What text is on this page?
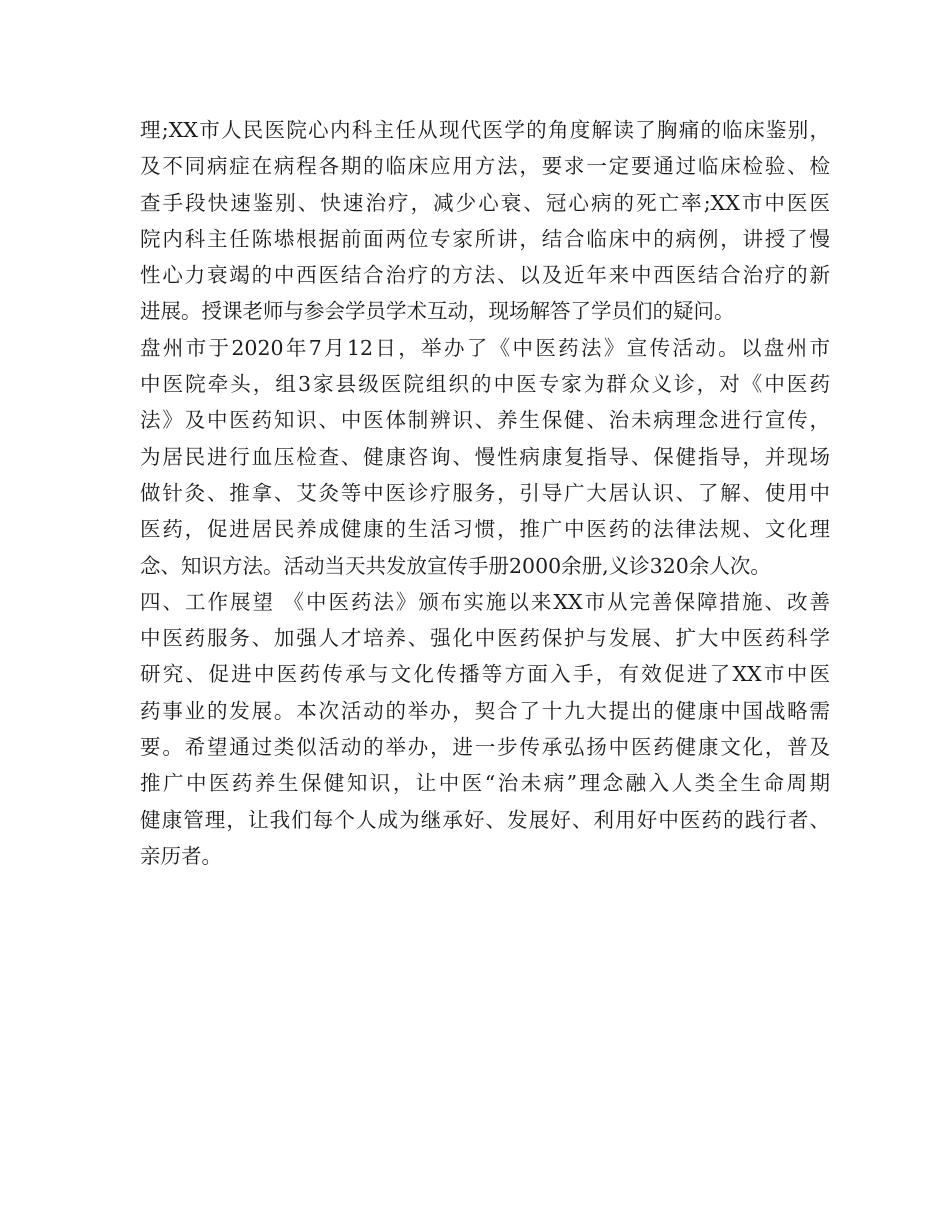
理;XX市人民医院心内科主任从现代医学的角度解读了胸痛的临床鉴别，
及不同病症在病程各期的临床应用方法，要求一定要通过临床检验、检
查手段快速鉴别、快速治疗，减少心衰、冠心病的死亡率;XX市中医医
院内科主任陈塨根据前面两位专家所讲，结合临床中的病例，讲授了慢
性心力衰竭的中西医结合治疗的方法、以及近年来中西医结合治疗的新
进展。授课老师与参会学员学术互动，现场解答了学员们的疑问。
盘州市于2020年7月12日，举办了《中医药法》宣传活动。以盘州市
中医院牵头，组3家县级医院组织的中医专家为群众义诊，对《中医药
法》及中医药知识、中医体制辨识、养生保健、治未病理念进行宣传，
为居民进行血压检查、健康咨询、慢性病康复指导、保健指导，并现场
做针灸、推拿、艾灸等中医诊疗服务，引导广大居认识、了解、使用中
医药，促进居民养成健康的生活习惯，推广中医药的法律法规、文化理
念、知识方法。活动当天共发放宣传手册2000余册,义诊320余人次。
四、工作展望 《中医药法》颁布实施以来XX市从完善保障措施、改善
中医药服务、加强人才培养、强化中医药保护与发展、扩大中医药科学
研究、促进中医药传承与文化传播等方面入手，有效促进了XX市中医
药事业的发展。本次活动的举办，契合了十九大提出的健康中国战略需
要。希望通过类似活动的举办，进一步传承弘扬中医药健康文化，普及
推广中医药养生保健知识，让中医“治未病”理念融入人类全生命周期
健康管理，让我们每个人成为继承好、发展好、利用好中医药的践行者、
亲历者。
